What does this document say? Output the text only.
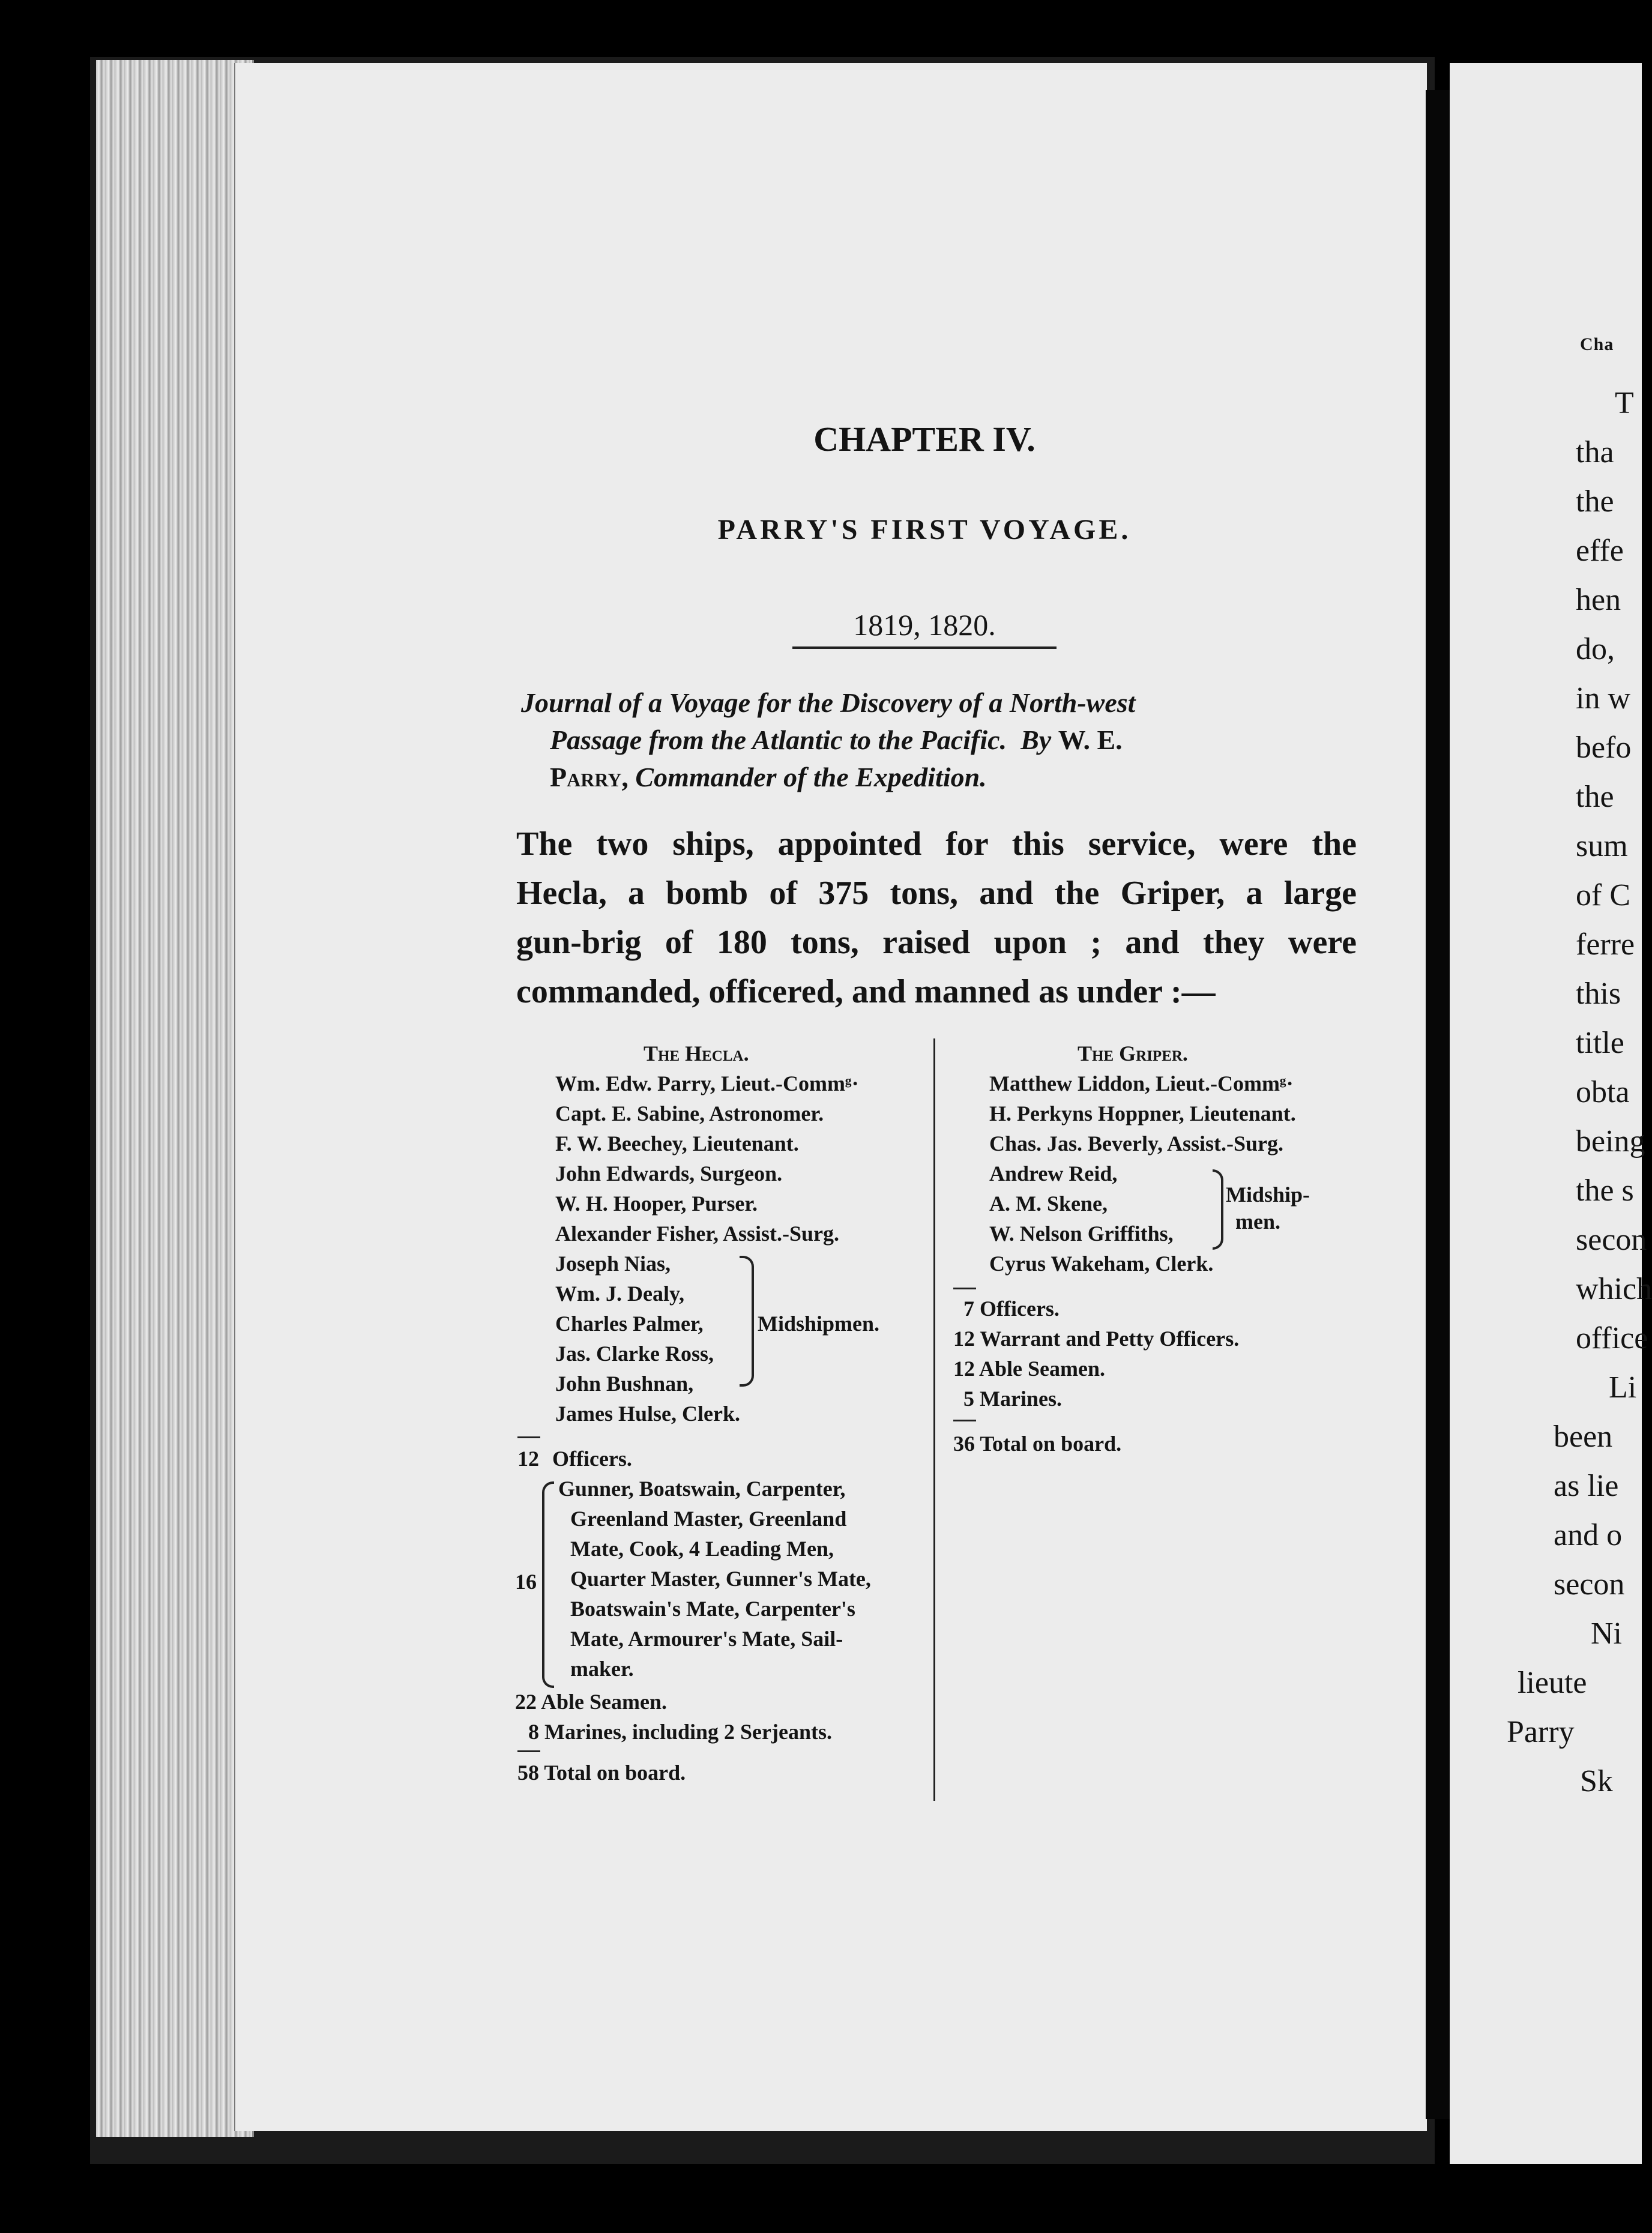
CHAPTER IV.
PARRY'S FIRST VOYAGE.
1819, 1820.
Journal of a Voyage for the Discovery of a North-west
Passage from the Atlantic to the Pacific. By W. E.
Parry, Commander of the Expedition.
The two ships, appointed for this service, were the
Hecla, a bomb of 375 tons, and the Griper, a large
gun-brig of 180 tons, raised upon ; and they were
commanded, officered, and manned as under :—
The Hecla.
Wm. Edw. Parry, Lieut.-Commᵍ·
Capt. E. Sabine, Astronomer.
F. W. Beechey, Lieutenant.
John Edwards, Surgeon.
W. H. Hooper, Purser.
Alexander Fisher, Assist.-Surg.
Joseph Nias,
Wm. J. Dealy,
Charles Palmer,
Jas. Clarke Ross,
John Bushnan,
Midshipmen.
James Hulse, Clerk.
12 Officers.
16
Gunner, Boatswain, Carpenter,
Greenland Master, Greenland
Mate, Cook, 4 Leading Men,
Quarter Master, Gunner's Mate,
Boatswain's Mate, Carpenter's
Mate, Armourer's Mate, Sail-
maker.
22 Able Seamen.
8 Marines, including 2 Serjeants.
58 Total on board.
The Griper.
Matthew Liddon, Lieut.-Commᵍ·
H. Perkyns Hoppner, Lieutenant.
Chas. Jas. Beverly, Assist.-Surg.
Andrew Reid,
A. M. Skene,
W. Nelson Griffiths,
Midship-
men.
Cyrus Wakeham, Clerk.
7 Officers.
12 Warrant and Petty Officers.
12 Able Seamen.
5 Marines.
36 Total on board.
Cha
T
tha
the
effe
hen
do,
in w
befo
the
sum
of C
ferre
this
title
obta
being
the s
secon
which
office
Li
been
as lie
and o
secon
Ni
lieute
Parry
Sk
